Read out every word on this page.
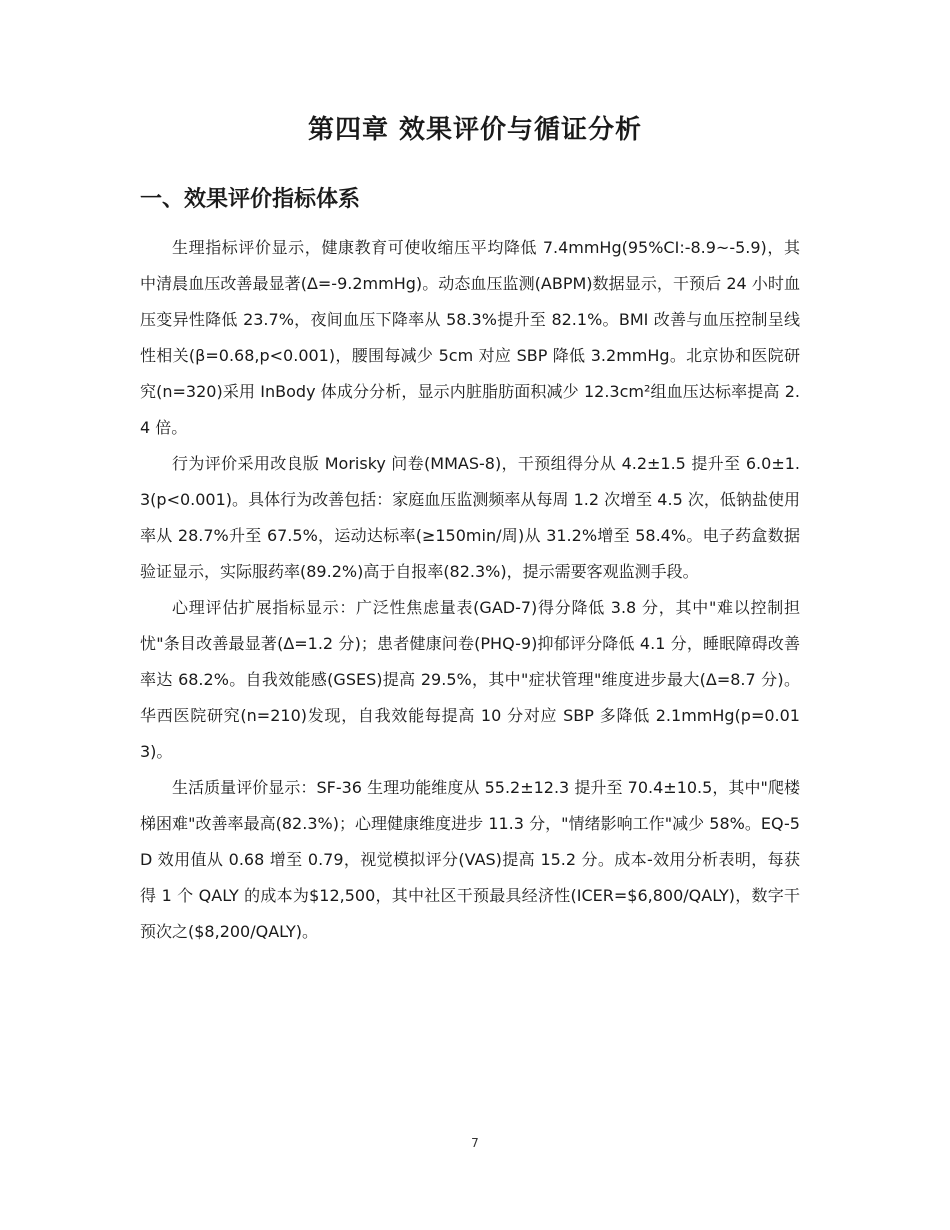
第四章 效果评价与循证分析
一、效果评价指标体系

生理指标评价显示，健康教育可使收缩压平均降低 7.4mmHg(95%CI:-8.9~-5.9)，其中清晨血压改善最显著(Δ=-9.2mmHg)。动态血压监测(ABPM)数据显示，干预后 24 小时血压变异性降低 23.7%，夜间血压下降率从 58.3%提升至 82.1%。BMI 改善与血压控制呈线性相关(β=0.68,p<0.001)，腰围每减少 5cm 对应 SBP 降低 3.2mmHg。北京协和医院研究(n=320)采用 InBody 体成分分析，显示内脏脂肪面积减少 12.3cm²组血压达标率提高 2.4 倍。

行为评价采用改良版 Morisky 问卷(MMAS-8)，干预组得分从 4.2±1.5 提升至 6.0±1.3(p<0.001)。具体行为改善包括：家庭血压监测频率从每周 1.2 次增至 4.5 次，低钠盐使用率从 28.7%升至 67.5%，运动达标率(≥150min/周)从 31.2%增至 58.4%。电子药盒数据验证显示，实际服药率(89.2%)高于自报率(82.3%)，提示需要客观监测手段。

心理评估扩展指标显示：广泛性焦虑量表(GAD-7)得分降低 3.8 分，其中"难以控制担忧"条目改善最显著(Δ=1.2 分)；患者健康问卷(PHQ-9)抑郁评分降低 4.1 分，睡眠障碍改善率达 68.2%。自我效能感(GSES)提高 29.5%，其中"症状管理"维度进步最大(Δ=8.7 分)。华西医院研究(n=210)发现，自我效能每提高 10 分对应 SBP 多降低 2.1mmHg(p=0.013)。

生活质量评价显示：SF-36 生理功能维度从 55.2±12.3 提升至 70.4±10.5，其中"爬楼梯困难"改善率最高(82.3%)；心理健康维度进步 11.3 分，"情绪影响工作"减少 58%。EQ-5D 效用值从 0.68 增至 0.79，视觉模拟评分(VAS)提高 15.2 分。成本-效用分析表明，每获得 1 个 QALY 的成本为$12,500，其中社区干预最具经济性(ICER=$6,800/QALY)，数字干预次之($8,200/QALY)。

7
